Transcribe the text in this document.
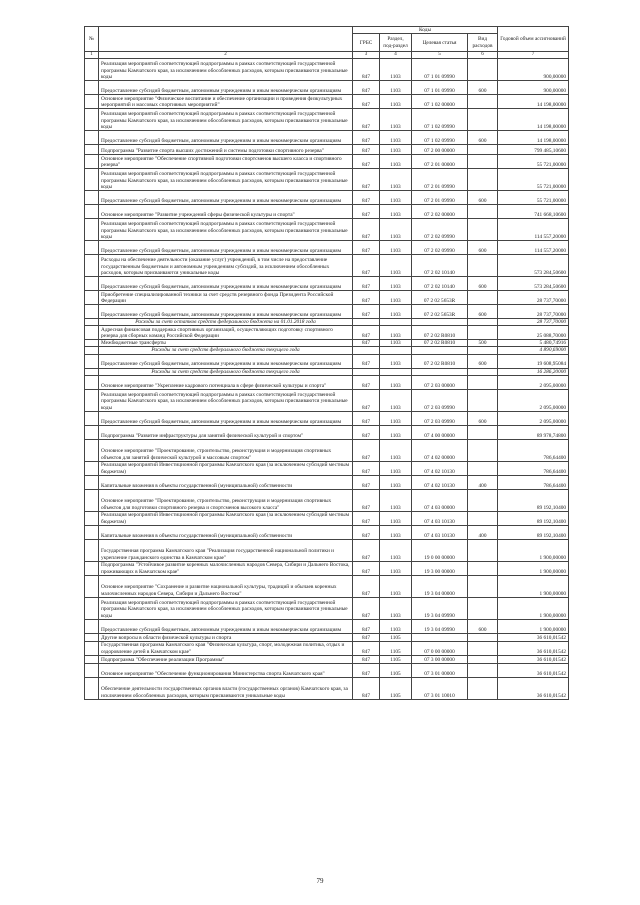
№		Коды				Годовой объем ассигнований
		ГРБС	Раздел, под-раздел	Целевая статья	Вид расходов	
1	2	3	4	5	6	7
	Реализация мероприятий соответствующей подпрограммы в рамках соответствующей государственной программы Камчатского края, за исключением обособленных расходов, которым присваиваются уникальные коды	847	1103	07 1 01 09990		900,00000
	Предоставление субсидий бюджетным, автономным учреждениям и иным некоммерческим организациям	847	1103	07 1 01 09990	600	900,00000
	Основное мероприятие "Физическое воспитание и обеспечение организации и проведения физкультурных мероприятий и массовых спортивных мероприятий"	847	1103	07 1 02 00000		14 198,00000
	Реализация мероприятий соответствующей подпрограммы в рамках соответствующей государственной программы Камчатского края, за исключением обособленных расходов, которым присваиваются уникальные коды	847	1103	07 1 02 09990		14 198,00000
	Предоставление субсидий бюджетным, автономным учреждениям и иным некоммерческим организациям	847	1103	07 1 02 09990	600	14 198,00000
	Подпрограмма "Развитие спорта высших достижений и системы подготовки спортивного резерва"	847	1103	07 2 00 00000		799 485,10600
	Основное мероприятие "Обеспечение спортивной подготовки спортсменов высшего класса и спортивного резерва"	847	1103	07 2 01 00000		55 721,00000
	Реализация мероприятий соответствующей подпрограммы в рамках соответствующей государственной программы Камчатского края, за исключением обособленных расходов, которым присваиваются уникальные коды	847	1103	07 2 01 09990		55 721,00000
	Предоставление субсидий бюджетным, автономным учреждениям и иным некоммерческим организациям	847	1103	07 2 01 09990	600	55 721,00000
	Основное мероприятие "Развитие учреждений сферы физической культуры и спорта"	847	1103	07 2 02 00000		741 668,10600
	Реализация мероприятий соответствующей подпрограммы в рамках соответствующей государственной программы Камчатского края, за исключением обособленных расходов, которым присваиваются уникальные коды	847	1103	07 2 02 09990		114 557,20000
	Предоставление субсидий бюджетным, автономным учреждениям и иным некоммерческим организациям	847	1103	07 2 02 09990	600	114 557,20000
	Расходы на обеспечение деятельности (оказание услуг) учреждений, в том числе на предоставление государственным бюджетным и автономным учреждениям субсидий, за исключением обособленных расходов, которым присваиваются уникальные коды	847	1103	07 2 02 10140		573 284,50600
	Предоставление субсидий бюджетным, автономным учреждениям и иным некоммерческим организациям	847	1103	07 2 02 10140	600	573 284,50600
	Приобретение специализированной техники за счет средств резервного фонда Президента Российской Федерации	847	1103	07 2 02 5653R		28 737,70000
	Предоставление субсидий бюджетным, автономным учреждениям и иным некоммерческим организациям	847	1103	07 2 02 5653R	600	28 737,70000
	Расходы за счет остатков средств федерального бюджета на 01.01.2018 года					28 737,70000
	Адресная финансовая поддержка спортивных организаций, осуществляющих подготовку спортивного резерва для сборных команд Российской Федерации	847	1103	07 2 02 R0810		25 088,70000
	Межбюджетные трансферты	847	1103	07 2 02 R0810	500	5 480,74916
	Расходы за счет средств федерального бюджета текущего года					4 890,69000
	Предоставление субсидий бюджетным, автономным учреждениям и иным некоммерческим организациям	847	1103	07 2 02 R0810	600	19 608,95084
	Расходы за счет средств федерального бюджета текущего года					16 286,20000
	Основное мероприятие "Укрепление кадрового потенциала в сфере физической культуры и спорта"	847	1103	07 2 03 00000		2 095,00000
	Реализация мероприятий соответствующей подпрограммы в рамках соответствующей государственной программы Камчатского края, за исключением обособленных расходов, которым присваиваются уникальные коды	847	1103	07 2 03 09990		2 095,00000
	Предоставление субсидий бюджетным, автономным учреждениям и иным некоммерческим организациям	847	1103	07 2 03 09990	600	2 095,00000
	Подпрограмма "Развитие инфраструктуры для занятий физической культурой и спортом"	847	1103	07 4 00 00000		89 978,74800
	Основное мероприятие "Проектирование, строительство, реконструкция и модернизация спортивных объектов для занятий физической культурой и массовым спортом"	847	1103	07 4 02 00000		786,64400
	Реализация мероприятий Инвестиционной программы Камчатского края (за исключением субсидий местным бюджетам)	847	1103	07 4 02 10130		786,64400
	Капитальные вложения в объекты государственной (муниципальной) собственности	847	1103	07 4 02 10130	400	786,64400
	Основное мероприятие "Проектирование, строительство, реконструкция и модернизация спортивных объектов для подготовки спортивного резерва и спортсменов высокого класса"	847	1103	07 4 03 00000		89 192,10400
	Реализация мероприятий Инвестиционной программы Камчатского края (за исключением субсидий местным бюджетам)	847	1103	07 4 03 10130		89 192,10400
	Капитальные вложения в объекты государственной (муниципальной) собственности	847	1103	07 4 03 10130	400	89 192,10400
	Государственная программа Камчатского края "Реализация государственной национальной политики и укрепление гражданского единства в Камчатском крае"	847	1103	19 0 00 00000		1 900,00000
	Подпрограмма "Устойчивое развитие коренных малочисленных народов Севера, Сибири и Дальнего Востока, проживающих в Камчатском крае"	847	1103	19 3 00 00000		1 900,00000
	Основное мероприятие "Сохранение и развитие национальной культуры, традиций и обычаев коренных малочисленных народов Севера, Сибири и Дальнего Востока"	847	1103	19 3 04 00000		1 900,00000
	Реализация мероприятий соответствующей подпрограммы в рамках соответствующей государственной программы Камчатского края, за исключением обособленных расходов, которым присваиваются уникальные коды	847	1103	19 3 04 09990		1 900,00000
	Предоставление субсидий бюджетным, автономным учреждениям и иным некоммерческим организациям	847	1103	19 3 04 09990	600	1 900,00000
	Другие вопросы в области физической культуры и спорта	847	1105			36 610,01542
	Государственная программа Камчатского края "Физическая культура, спорт, молодежная политика, отдых и оздоровление детей в Камчатском крае"	847	1105	07 0 00 00000		36 610,01542
	Подпрограмма "Обеспечение реализации Программы"	847	1105	07 3 00 00000		36 610,01542
	Основное мероприятие "Обеспечение функционирования Министерства спорта Камчатского края"	847	1105	07 3 01 00000		36 610,01542
	Обеспечение деятельности государственных органов власти (государственных органов) Камчатского края, за исключением обособленных расходов, которым присваиваются уникальные коды	847	1105	07 3 01 10010		36 610,01542
79
